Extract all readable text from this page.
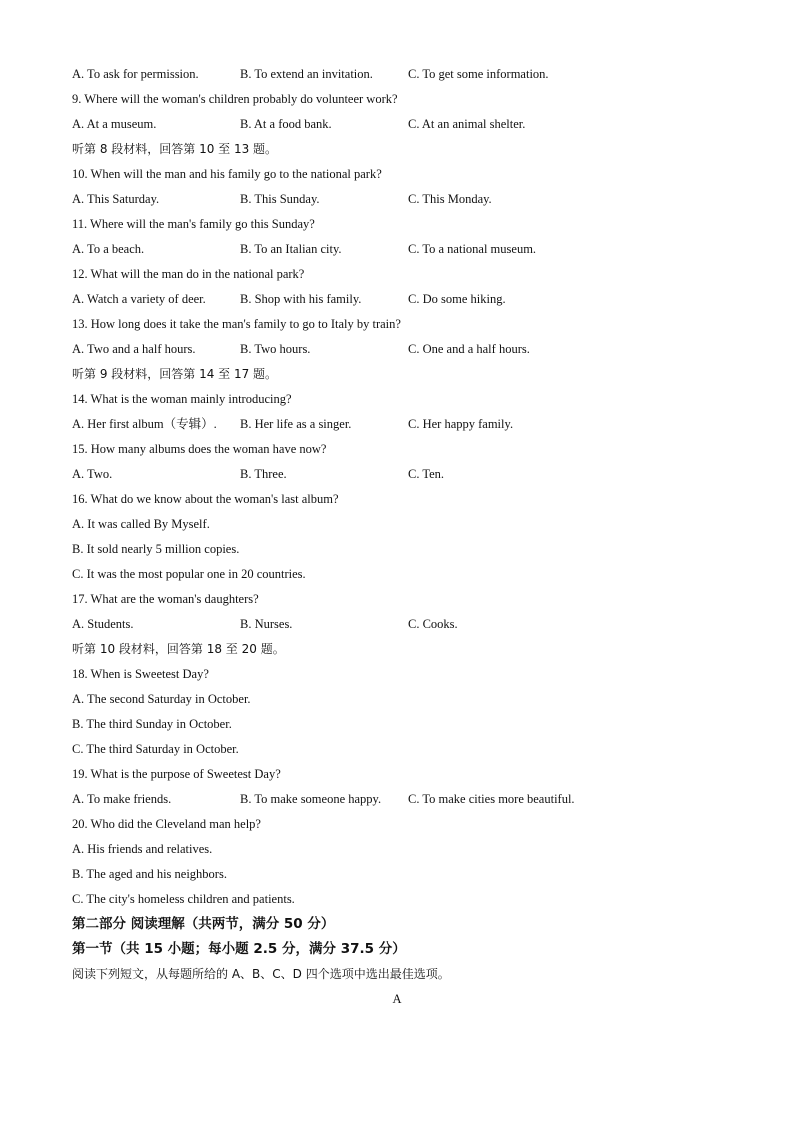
A. To ask for permission.	B. To extend an invitation.	C. To get some information.
9. Where will the woman's children probably do volunteer work?
A. At a museum.	B. At a food bank.	C. At an animal shelter.
听第 8 段材料，回答第 10 至 13 题。
10. When will the man and his family go to the national park?
A. This Saturday.	B. This Sunday.	C. This Monday.
11. Where will the man's family go this Sunday?
A. To a beach.	B. To an Italian city.	C. To a national museum.
12. What will the man do in the national park?
A. Watch a variety of deer.	B. Shop with his family.	C. Do some hiking.
13. How long does it take the man's family to go to Italy by train?
A. Two and a half hours.	B. Two hours.	C. One and a half hours.
听第 9 段材料，回答第 14 至 17 题。
14. What is the woman mainly introducing?
A. Her first album（专辑）. B. Her life as a singer.	C. Her happy family.
15. How many albums does the woman have now?
A. Two.	B. Three.	C. Ten.
16. What do we know about the woman's last album?
A. It was called By Myself.
B. It sold nearly 5 million copies.
C. It was the most popular one in 20 countries.
17. What are the woman's daughters?
A. Students.	B. Nurses.	C. Cooks.
听第 10 段材料，回答第 18 至 20 题。
18. When is Sweetest Day?
A. The second Saturday in October.
B. The third Sunday in October.
C. The third Saturday in October.
19. What is the purpose of Sweetest Day?
A. To make friends.	B. To make someone happy. C. To make cities more beautiful.
20. Who did the Cleveland man help?
A. His friends and relatives.
B. The aged and his neighbors.
C. The city's homeless children and patients.
第二部分 阅读理解（共两节，满分 50 分）
第一节（共 15 小题；每小题 2.5 分，满分 37.5 分）
阅读下列短文，从每题所给的 A、B、C、D 四个选项中选出最佳选项。
A
